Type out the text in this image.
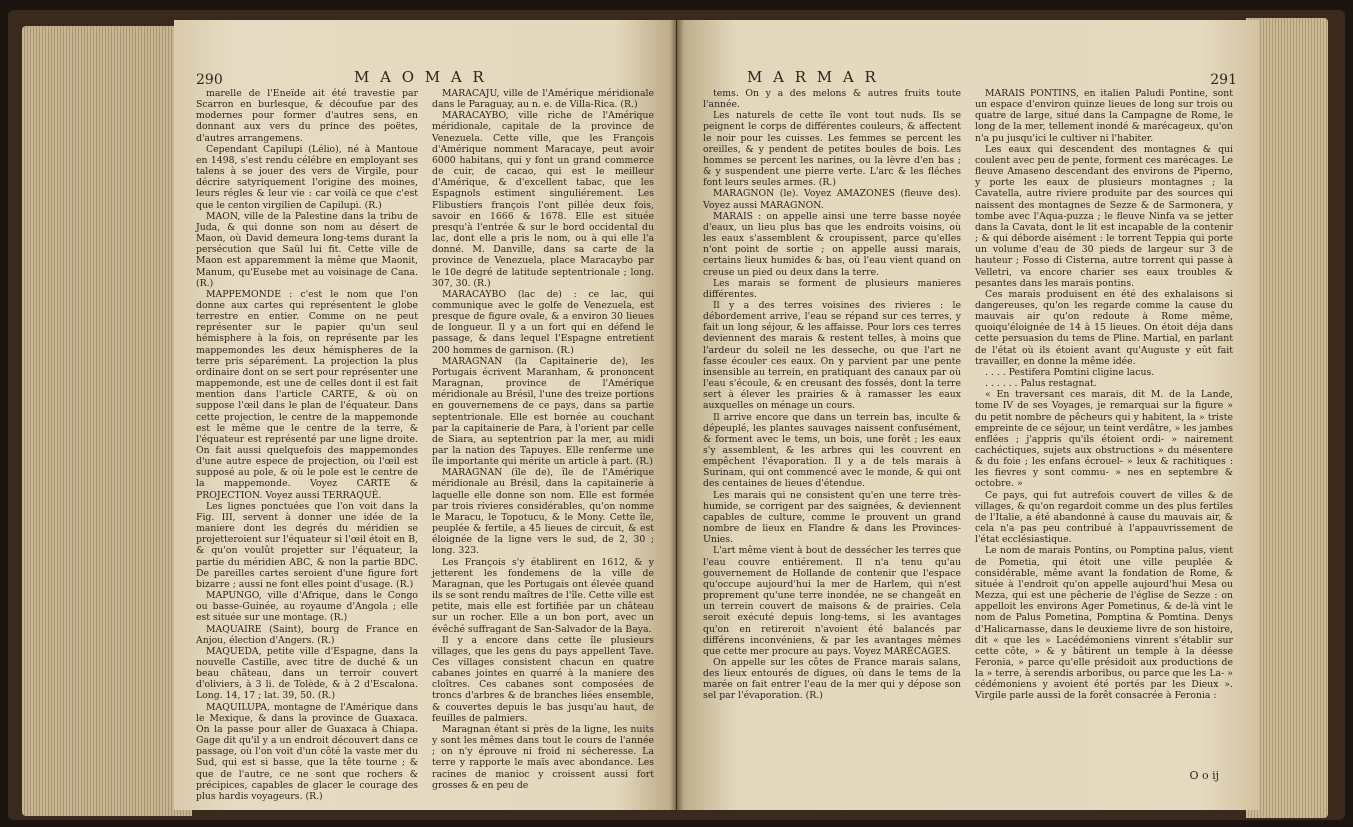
290	M A O M A R

marelle de l'Eneïde ait été travestie par Scarron en burlesque, & découfue par des modernes pour former d'autres sens, en donnant aux vers du prince des poëtes, d'autres arrangemens.

Cependant Capilupi (Lélio), né à Mantoue en 1498, s'est rendu célébre en employant ses talens à se jouer des vers de Virgile, pour décrire satyriquement l'origine des moines, leurs régles & leur vie : car voilà ce que c'est que le centon virgilien de Capilupi. (R.)

MAON, ville de la Palestine dans la tribu de Juda, & qui donne son nom au désert de Maon, où David demeura long-tems durant la persécution que Saül lui fit. Cette ville de Maon est apparemment la même que Maonit, Manum, qu'Eusebe met au voisinage de Cana. (R.)

MAPPEMONDE : c'est le nom que l'on donne aux cartes qui représentent le globe terrestre en entier. Comme on ne peut représenter sur le papier qu'un seul hémisphere à la fois, on représente par les mappemondes les deux hémispheres de la terre pris séparément. La projection la plus ordinaire dont on se sert pour représenter une mappemonde, est une de celles dont il est fait mention dans l'article CARTE, & où on suppose l'œil dans le plan de l'équateur. Dans cette projection, le centre de la mappemonde est le même que le centre de la terre, & l'équateur est représenté par une ligne droite. On fait aussi quelquefois des mappemondes d'une autre espece de projection, où l'œil est supposé au pole, & où le pole est le centre de la mappemonde. Voyez CARTE & PROJECTION. Voyez aussi TERRAQUÉ.

Les lignes ponctuées que l'on voit dans la Fig. III, servent à donner une idée de la maniere dont les degrés du méridien se projetteroient sur l'équateur si l'œil étoit en B, & qu'on voulût projetter sur l'équateur, la partie du méridien ABC, & non la partie BDC. De pareilles cartes seroient d'une figure fort bizarre ; aussi ne font elles point d'usage. (R.)

MAPUNGO, ville d'Afrique, dans le Congo ou basse-Guinée, au royaume d'Angola ; elle est située sur une montage. (R.)

MAQUAIRE (Saint), bourg de France en Anjou, élection d'Angers. (R.)

MAQUEDA, petite ville d'Espagne, dans la nouvelle Castille, avec titre de duché & un beau château, dans un terroir couvert d'oliviers, à 3 li. de Tolède, & à 2 d'Escalona. Long. 14, 17 ; lat. 39, 50. (R.)

MAQUILUPA, montagne de l'Amérique dans le Mexique, & dans la province de Guaxaca. On la passe pour aller de Guaxaca à Chiapa. Gage dit qu'il y a un endroit découvert dans ce passage, où l'on voit d'un côté la vaste mer du Sud, qui est si basse, que la tête tourne ; & que de l'autre, ce ne sont que rochers & précipices, capables de glacer le courage des plus hardis voyageurs. (R.)

MARACAJU, ville de l'Amérique méridionale dans le Paraguay, au n. e. de Villa-Rica. (R.)

MARACAYBO, ville riche de l'Amérique méridionale, capitale de la province de Venezuela. Cette ville, que les François d'Amérique nomment Maracaye, peut avoir 6000 habitans, qui y font un grand commerce de cuir, de cacao, qui est le meilleur d'Amérique, & d'excellent tabac, que les Espagnols estiment singuliérement. Les Flibustiers françois l'ont pillée deux fois, savoir en 1666 & 1678. Elle est située presqu'à l'entrée & sur le bord occidental du lac, dont elle a pris le nom, ou à qui elle l'a donné. M. Danville, dans sa carte de la province de Venezuela, place Maracaybo par le 10e degré de latitude septentrionale ; long. 307, 30. (R.)

MARACAYBO (lac de) : ce lac, qui communique avec le golfe de Venezuela, est presque de figure ovale, & a environ 30 lieues de longueur. Il y a un fort qui en défend le passage, & dans lequel l'Espagne entretient 200 hommes de garnison. (R.)

MARAGNAN (la Capitainerie de), les Portugais écrivent Maranham, & prononcent Maragnan, province de l'Amérique méridionale au Brésil, l'une des treize portions en gouvernemens de ce pays, dans sa partie septentrionale. Elle est bornée au couchant par la capitainerie de Para, à l'orient par celle de Siara, au septentrion par la mer, au midi par la nation des Tapuyes. Elle renferme une île importante qui mérite un article à part. (R.)

MARAGNAN (île de), île de l'Amérique méridionale au Brésil, dans la capitainerie à laquelle elle donne son nom. Elle est formée par trois rivieres considérables, qu'on nomme le Maracu, le Topotucu, & le Mony. Cette île, peuplée & fertile, a 45 lieues de circuit, & est éloignée de la ligne vers le sud, de 2, 30 ; long. 323.

Les François s'y établirent en 1612, & y jetterent les fondemens de la ville de Maragnan, que les Portugais ont élevée quand ils se sont rendu maîtres de l'île. Cette ville est petite, mais elle est fortifiée par un château sur un rocher. Elle a un bon port, avec un évêché suffragant de San-Salvador de la Baya.

Il y a encore dans cette île plusieurs villages, que les gens du pays appellent Tave. Ces villages consistent chacun en quatre cabanes jointes en quarré à la maniere des cloîtres. Ces cabanes sont composées de troncs d'arbres & de branches liées ensemble, & couvertes depuis le bas jusqu'au haut, de feuilles de palmiers.

Maragnan étant si près de la ligne, les nuits y sont les mêmes dans tout le cours de l'année ; on n'y éprouve ni froid ni sécheresse. La terre y rapporte le maïs avec abondance. Les racines de manioc y croissent aussi fort grosses & en peu de

M A R M A R	291

tems. On y a des melons & autres fruits toute l'année.

Les naturels de cette île vont tout nuds. Ils se peignent le corps de différentes couleurs, & affectent le noir pour les cuisses. Les femmes se percent les oreilles, & y pendent de petites boules de bois. Les hommes se percent les narines, ou la lèvre d'en bas ; & y suspendent une pierre verte. L'arc & les fléches font leurs seules armes. (R.)

MARAGNON (le). Voyez AMAZONES (fleuve des). Voyez aussi MARAGNON.

MARAIS : on appelle ainsi une terre basse noyée d'eaux, un lieu plus bas que les endroits voisins, où les eaux s'assemblent & croupissent, parce qu'elles n'ont point de sortie ; on appelle aussi marais, certains lieux humides & bas, où l'eau vient quand on creuse un pied ou deux dans la terre.

Les marais se forment de plusieurs manieres différentes.

Il y a des terres voisines des rivieres : le débordement arrive, l'eau se répand sur ces terres, y fait un long séjour, & les affaisse. Pour lors ces terres deviennent des marais & restent telles, à moins que l'ardeur du soleil ne les desseche, ou que l'art ne fasse écouler ces eaux. On y parvient par une pente insensible au terrein, en pratiquant des canaux par où l'eau s'écoule, & en creusant des fossés, dont la terre sert à élever les prairies & à ramasser les eaux auxquelles on ménage un cours.

Il arrive encore que dans un terrein bas, inculte & dépeuplé, les plantes sauvages naissent confusément, & forment avec le tems, un bois, une forêt ; les eaux s'y assemblent, & les arbres qui les couvrent en empêchent l'évaporation. Il y a de tels marais à Surinam, qui ont commencé avec le monde, & qui ont des centaines de lieues d'étendue.

Les marais qui ne consistent qu'en une terre très-humide, se corrigent par des saignées, & deviennent capables de culture, comme le prouvent un grand nombre de lieux en Flandre & dans les Provinces-Unies.

L'art même vient à bout de dessécher les terres que l'eau couvre entiérement. Il n'a tenu qu'au gouvernement de Hollande de contenir que l'espace qu'occupe aujourd'hui la mer de Harlem, qui n'est proprement qu'une terre inondée, ne se changeât en un terrein couvert de maisons & de prairies. Cela seroit exécuté depuis long-tems, si les avantages qu'on en retireroit n'avoient été balancés par différens inconvéniens, & par les avantages mêmes que cette mer procure au pays. Voyez MARÉCAGES.

On appelle sur les côtes de France marais salans, des lieux entourés de digues, où dans le tems de la marée on fait entrer l'eau de la mer qui y dépose son sel par l'évaporation. (R.)

MARAIS PONTINS, en italien Paludi Pontine, sont un espace d'environ quinze lieues de long sur trois ou quatre de large, situé dans la Campagne de Rome, le long de la mer, tellement inondé & marécageux, qu'on n'a pu jusqu'ici le cultiver ni l'habiter.

Les eaux qui descendent des montagnes & qui coulent avec peu de pente, forment ces marécages. Le fleuve Amaseno descendant des environs de Piperno, y porte les eaux de plusieurs montagnes ; la Cavatella, autre riviere produite par des sources qui naissent des montagnes de Sezze & de Sarmonera, y tombe avec l'Aqua-puzza ; le fleuve Ninfa va se jetter dans la Cavata, dont le lit est incapable de la contenir ; & qui déborde aisément : le torrent Teppia qui porte un volume d'eau de 30 pieds de largeur sur 3 de hauteur ; Fosso di Cisterna, autre torrent qui passe à Velletri, va encore charier ses eaux troubles & pesantes dans les marais pontins.

Ces marais produisent en été des exhalaisons si dangereuses, qu'on les regarde comme la cause du mauvais air qu'on redoute à Rome même, quoiqu'éloignée de 14 à 15 lieues. On étoit déja dans cette persuasion du tems de Pline. Martial, en parlant de l'état où ils étoient avant qu'Auguste y eût fait travailler, en donne la même idée.

. . . . Pestifera Pomtini cligine lacus.

. . . . . . Palus restagnat.

« En traversant ces marais, dit M. de la Lande, tome IV de ses Voyages, je remarquai sur la figure » du petit nombre de pêcheurs qui y habitent, la » triste empreinte de ce séjour, un teint verdâtre, » les jambes enflées ; j'appris qu'ils étoient ordi- » nairement cachéctiques, sujets aux obstructions » du mésentere & du foie ; les enfans écrouel- » leux & rachitiques : les fievres y sont commu- » nes en septembre & octobre. »

Ce pays, qui fut autrefois couvert de villes & de villages, & qu'on regardoit comme un des plus fertiles de l'Italie, a été abandonné à cause du mauvais air, & cela n'a pas peu contribué à l'appauvrissement de l'état ecclésiastique.

Le nom de marais Pontins, ou Pomptina palus, vient de Pometia, qui étoit une ville peuplée & considérable, même avant la fondation de Rome, & située à l'endroit qu'on appelle aujourd'hui Mesa ou Mezza, qui est une pêcherie de l'église de Sezze : on appelloit les environs Ager Pometinus, & de-là vint le nom de Palus Pometina, Pomptina & Pomtina. Denys d'Halicarnasse, dans le deuxieme livre de son histoire, dit « que les » Lacédémoniens vinrent s'établir sur cette côte, » & y bâtirent un temple à la déesse Feronia, » parce qu'elle présidoit aux productions de la » terre, à serendis arboribus, ou parce que les La- » cédémoniens y avoient été portés par les Dieux ». Virgile parle aussi de la forêt consacrée à Feronia :

O o ij
